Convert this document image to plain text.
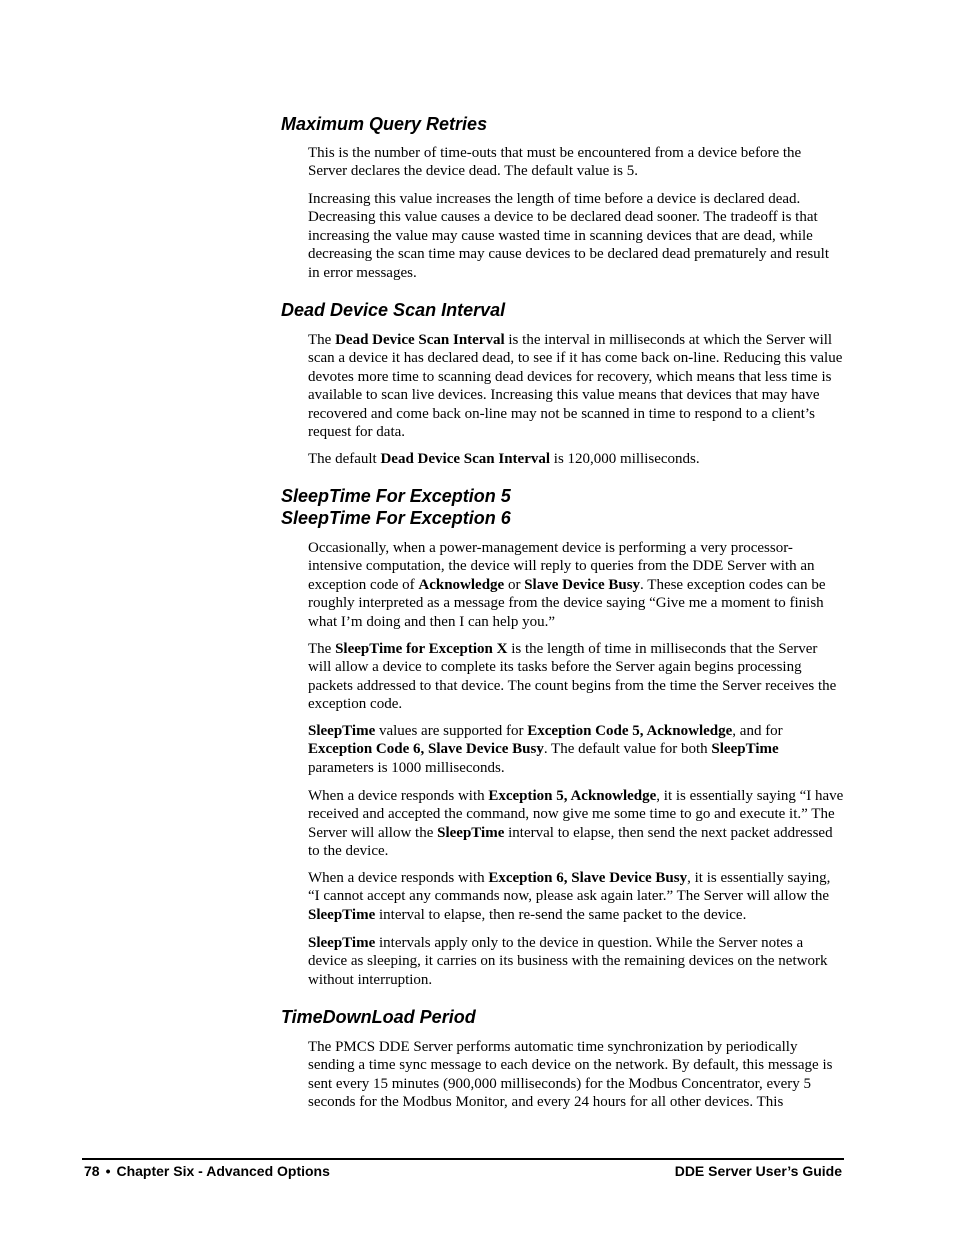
Maximum Query Retries

This is the number of time-outs that must be encountered from a device before the Server declares the device dead. The default value is 5.

Increasing this value increases the length of time before a device is declared dead. Decreasing this value causes a device to be declared dead sooner. The tradeoff is that increasing the value may cause wasted time in scanning devices that are dead, while decreasing the scan time may cause devices to be declared dead prematurely and result in error messages.

Dead Device Scan Interval

The Dead Device Scan Interval is the interval in milliseconds at which the Server will scan a device it has declared dead, to see if it has come back on-line. Reducing this value devotes more time to scanning dead devices for recovery, which means that less time is available to scan live devices. Increasing this value means that devices that may have recovered and come back on-line may not be scanned in time to respond to a client’s request for data.

The default Dead Device Scan Interval is 120,000 milliseconds.

SleepTime For Exception 5
SleepTime For Exception 6

Occasionally, when a power-management device is performing a very processor-intensive computation, the device will reply to queries from the DDE Server with an exception code of Acknowledge or Slave Device Busy. These exception codes can be roughly interpreted as a message from the device saying “Give me a moment to finish what I’m doing and then I can help you.”

The SleepTime for Exception X is the length of time in milliseconds that the Server will allow a device to complete its tasks before the Server again begins processing packets addressed to that device. The count begins from the time the Server receives the exception code.

SleepTime values are supported for Exception Code 5, Acknowledge, and for Exception Code 6, Slave Device Busy. The default value for both SleepTime parameters is 1000 milliseconds.

When a device responds with Exception 5, Acknowledge, it is essentially saying “I have received and accepted the command, now give me some time to go and execute it.” The Server will allow the SleepTime interval to elapse, then send the next packet addressed to the device.

When a device responds with Exception 6, Slave Device Busy, it is essentially saying, “I cannot accept any commands now, please ask again later.” The Server will allow the SleepTime interval to elapse, then re-send the same packet to the device.

SleepTime intervals apply only to the device in question. While the Server notes a device as sleeping, it carries on its business with the remaining devices on the network without interruption.

TimeDownLoad Period

The PMCS DDE Server performs automatic time synchronization by periodically sending a time sync message to each device on the network. By default, this message is sent every 15 minutes (900,000 milliseconds) for the Modbus Concentrator, every 5 seconds for the Modbus Monitor, and every 24 hours for all other devices. This

78 • Chapter Six - Advanced Options	DDE Server User’s Guide
